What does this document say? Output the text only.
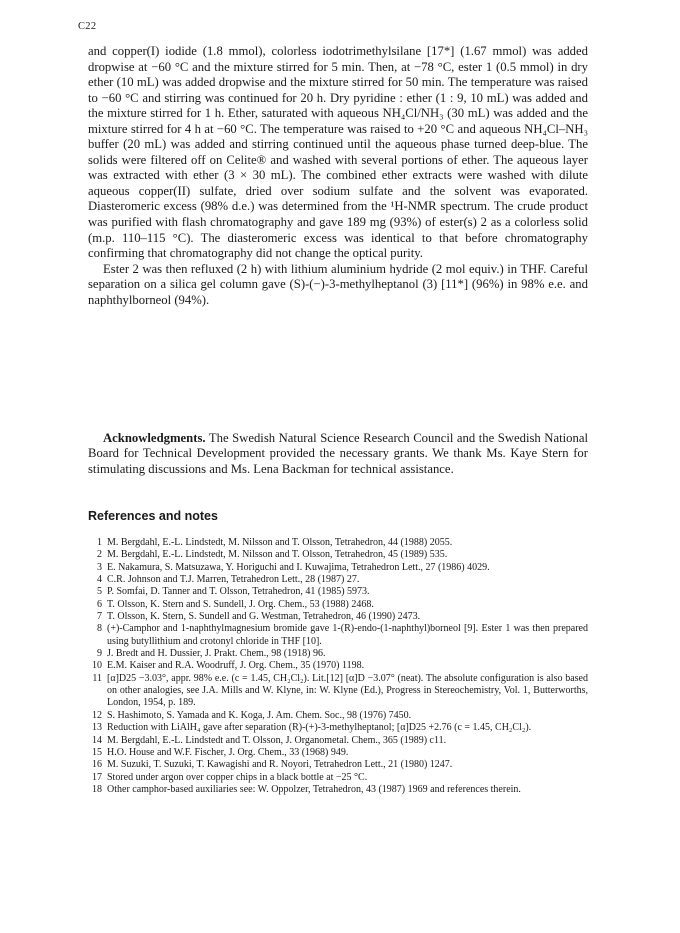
C22

and copper(I) iodide (1.8 mmol), colorless iodotrimethylsilane [17*] (1.67 mmol) was added dropwise at −60 °C and the mixture stirred for 5 min. Then, at −78 °C, ester 1 (0.5 mmol) in dry ether (10 mL) was added dropwise and the mixture stirred for 50 min. The temperature was raised to −60 °C and stirring was continued for 20 h. Dry pyridine : ether (1 : 9, 10 mL) was added and the mixture stirred for 1 h. Ether, saturated with aqueous NH₄Cl/NH₃ (30 mL) was added and the mixture stirred for 4 h at −60 °C. The temperature was raised to +20 °C and aqueous NH₄Cl–NH₃ buffer (20 mL) was added and stirring continued until the aqueous phase turned deep-blue. The solids were filtered off on Celite® and washed with several portions of ether. The aqueous layer was extracted with ether (3 × 30 mL). The combined ether extracts were washed with dilute aqueous copper(II) sulfate, dried over sodium sulfate and the solvent was evaporated. Diasteromeric excess (98% d.e.) was determined from the ¹H-NMR spectrum. The crude product was purified with flash chromatography and gave 189 mg (93%) of ester(s) 2 as a colorless solid (m.p. 110–115 °C). The diasteromeric excess was identical to that before chromatography confirming that chromatography did not change the optical purity.

Ester 2 was then refluxed (2 h) with lithium aluminium hydride (2 mol equiv.) in THF. Careful separation on a silica gel column gave (S)-(−)-3-methylheptanol (3) [11*] (96%) in 98% e.e. and naphthylborneol (94%).

Acknowledgments. The Swedish Natural Science Research Council and the Swedish National Board for Technical Development provided the necessary grants. We thank Ms. Kaye Stern for stimulating discussions and Ms. Lena Backman for technical assistance.

References and notes
1 M. Bergdahl, E.-L. Lindstedt, M. Nilsson and T. Olsson, Tetrahedron, 44 (1988) 2055.
2 M. Bergdahl, E.-L. Lindstedt, M. Nilsson and T. Olsson, Tetrahedron, 45 (1989) 535.
3 E. Nakamura, S. Matsuzawa, Y. Horiguchi and I. Kuwajima, Tetrahedron Lett., 27 (1986) 4029.
4 C.R. Johnson and T.J. Marren, Tetrahedron Lett., 28 (1987) 27.
5 P. Somfai, D. Tanner and T. Olsson, Tetrahedron, 41 (1985) 5973.
6 T. Olsson, K. Stern and S. Sundell, J. Org. Chem., 53 (1988) 2468.
7 T. Olsson, K. Stern, S. Sundell and G. Westman, Tetrahedron, 46 (1990) 2473.
8 (+)-Camphor and 1-naphthylmagnesium bromide gave 1-(R)-endo-(1-naphthyl)borneol [9]. Ester 1 was then prepared using butyllithium and crotonyl chloride in THF [10].
9 J. Bredt and H. Dussier, J. Prakt. Chem., 98 (1918) 96.
10 E.M. Kaiser and R.A. Woodruff, J. Org. Chem., 35 (1970) 1198.
11 [α]D25 −3.03°, appr. 98% e.e. (c = 1.45, CH₂Cl₂). Lit.[12] [α]D −3.07° (neat). The absolute configuration is also based on other analogies, see J.A. Mills and W. Klyne, in: W. Klyne (Ed.), Progress in Stereochemistry, Vol. 1, Butterworths, London, 1954, p. 189.
12 S. Hashimoto, S. Yamada and K. Koga, J. Am. Chem. Soc., 98 (1976) 7450.
13 Reduction with LiAlH₄ gave after separation (R)-(+)-3-methylheptanol; [α]D25 +2.76 (c = 1.45, CH₂Cl₂).
14 M. Bergdahl, E.-L. Lindstedt and T. Olsson, J. Organometal. Chem., 365 (1989) c11.
15 H.O. House and W.F. Fischer, J. Org. Chem., 33 (1968) 949.
16 M. Suzuki, T. Suzuki, T. Kawagishi and R. Noyori, Tetrahedron Lett., 21 (1980) 1247.
17 Stored under argon over copper chips in a black bottle at −25 °C.
18 Other camphor-based auxiliaries see: W. Oppolzer, Tetrahedron, 43 (1987) 1969 and references therein.
